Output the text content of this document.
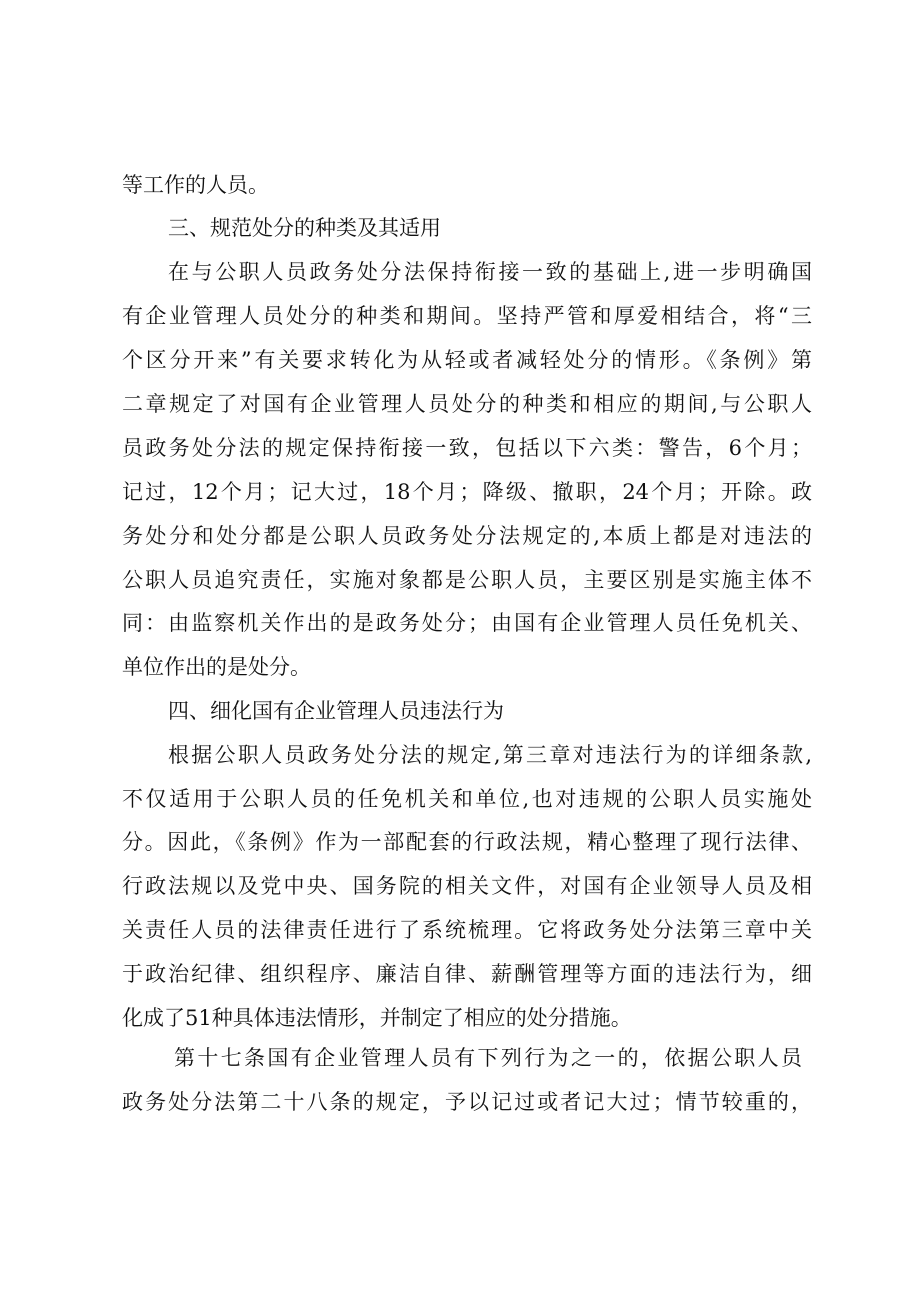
等工作的人员。
三、规范处分的种类及其适用
在与公职人员政务处分法保持衔接一致的基础上,进一步明确国
有企业管理人员处分的种类和期间。坚持严管和厚爱相结合，将“三
个区分开来”有关要求转化为从轻或者减轻处分的情形。《条例》第
二章规定了对国有企业管理人员处分的种类和相应的期间,与公职人
员政务处分法的规定保持衔接一致，包括以下六类：警告，6个月；
记过，12个月；记大过，18个月；降级、撤职，24个月；开除。政
务处分和处分都是公职人员政务处分法规定的,本质上都是对违法的
公职人员追究责任，实施对象都是公职人员，主要区别是实施主体不
同：由监察机关作出的是政务处分；由国有企业管理人员任免机关、
单位作出的是处分。
四、细化国有企业管理人员违法行为
根据公职人员政务处分法的规定,第三章对违法行为的详细条款,
不仅适用于公职人员的任免机关和单位,也对违规的公职人员实施处
分。因此，《条例》作为一部配套的行政法规，精心整理了现行法律、
行政法规以及党中央、国务院的相关文件，对国有企业领导人员及相
关责任人员的法律责任进行了系统梳理。它将政务处分法第三章中关
于政治纪律、组织程序、廉洁自律、薪酬管理等方面的违法行为，细
化成了51种具体违法情形，并制定了相应的处分措施。
第十七条国有企业管理人员有下列行为之一的，依据公职人员
政务处分法第二十八条的规定，予以记过或者记大过；情节较重的，
